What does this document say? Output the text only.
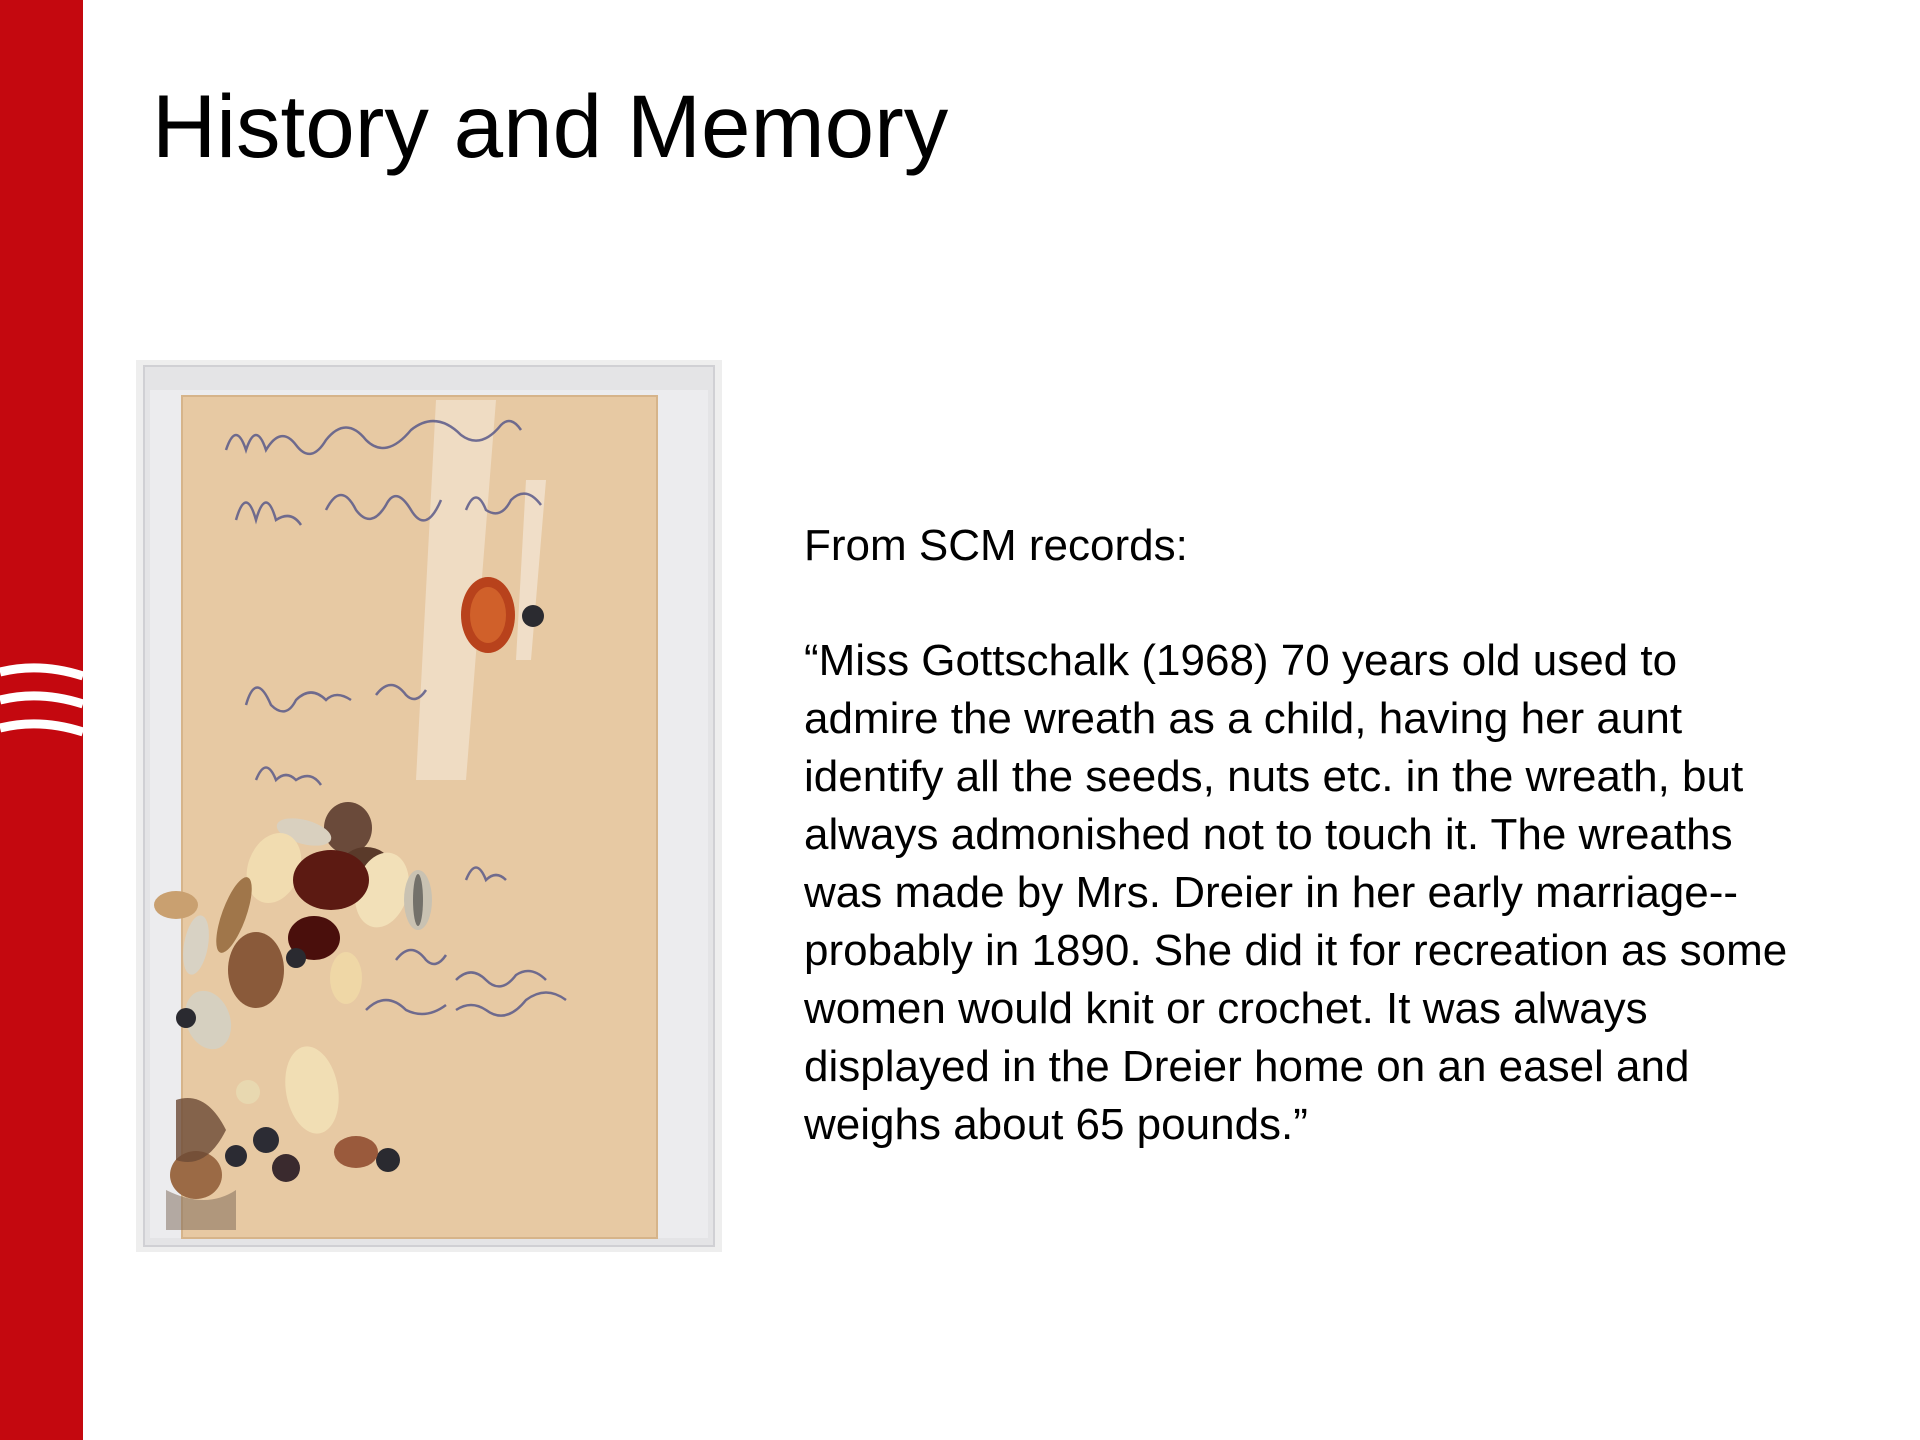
History and Memory

From SCM records:

“Miss Gottschalk (1968) 70 years old used to admire the wreath as a child, having her aunt identify all the seeds, nuts etc. in the wreath, but always admonished not to touch it. The wreaths was made by Mrs. Dreier in her early marriage--probably in 1890. She did it for recreation as some women would knit or crochet. It was always displayed in the Dreier home on an easel and weighs about 65 pounds.”
